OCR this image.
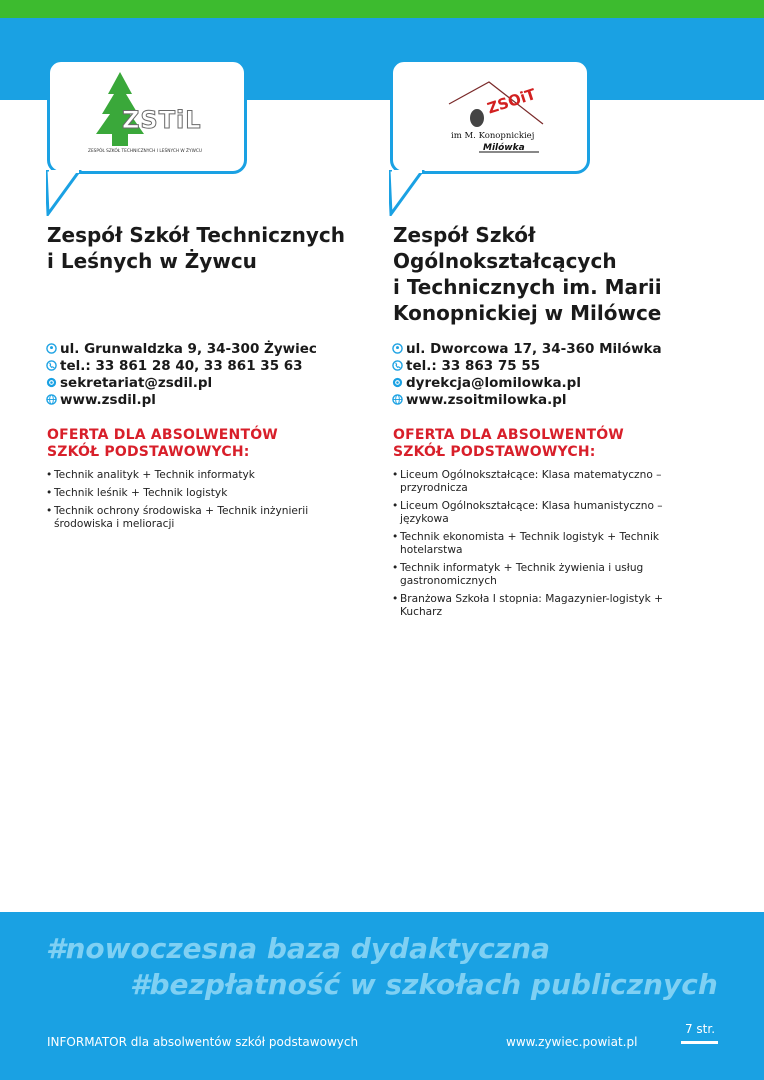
ZSTiL
ZESPÓŁ SZKÓŁ TECHNICZNYCH I LEŚNYCH W ŻYWCU
ZSOiT
im M. Konopnickiej
Milówka

Zespół Szkół Technicznych

i Leśnych w Żywcu

ul. Grunwaldzka 9, 34-300 Żywiec
tel.: 33 861 28 40, 33 861 35 63
sekretariat@zsdil.pl
www.zsdil.pl
OFERTA DLA ABSOLWENTÓW
SZKÓŁ PODSTAWOWYCH:
• Technik analityk + Technik informatyk
• Technik leśnik + Technik logistyk
• Technik ochrony środowiska + Technik inżynierii
środowiska i melioracji

Zespół Szkół

Ogólnokształcących

i Technicznych im. Marii

Konopnickiej w Milówce

ul. Dworcowa 17, 34-360 Milówka
tel.: 33 863 75 55
dyrekcja@lomilowka.pl
www.zsoitmilowka.pl
OFERTA DLA ABSOLWENTÓW
SZKÓŁ PODSTAWOWYCH:
• Liceum Ogólnokształcące: Klasa matematyczno –
przyrodnicza
• Liceum Ogólnokształcące: Klasa humanistyczno –
językowa
• Technik ekonomista + Technik logistyk + Technik
hotelarstwa
• Technik informatyk + Technik żywienia i usług
gastronomicznych
• Branżowa Szkoła I stopnia: Magazynier-logistyk +
Kucharz
#nowoczesna baza dydaktyczna
#bezpłatność w szkołach publicznych
INFORMATOR dla absolwentów szkół podstawowych	www.zywiec.powiat.pl
7 str.
